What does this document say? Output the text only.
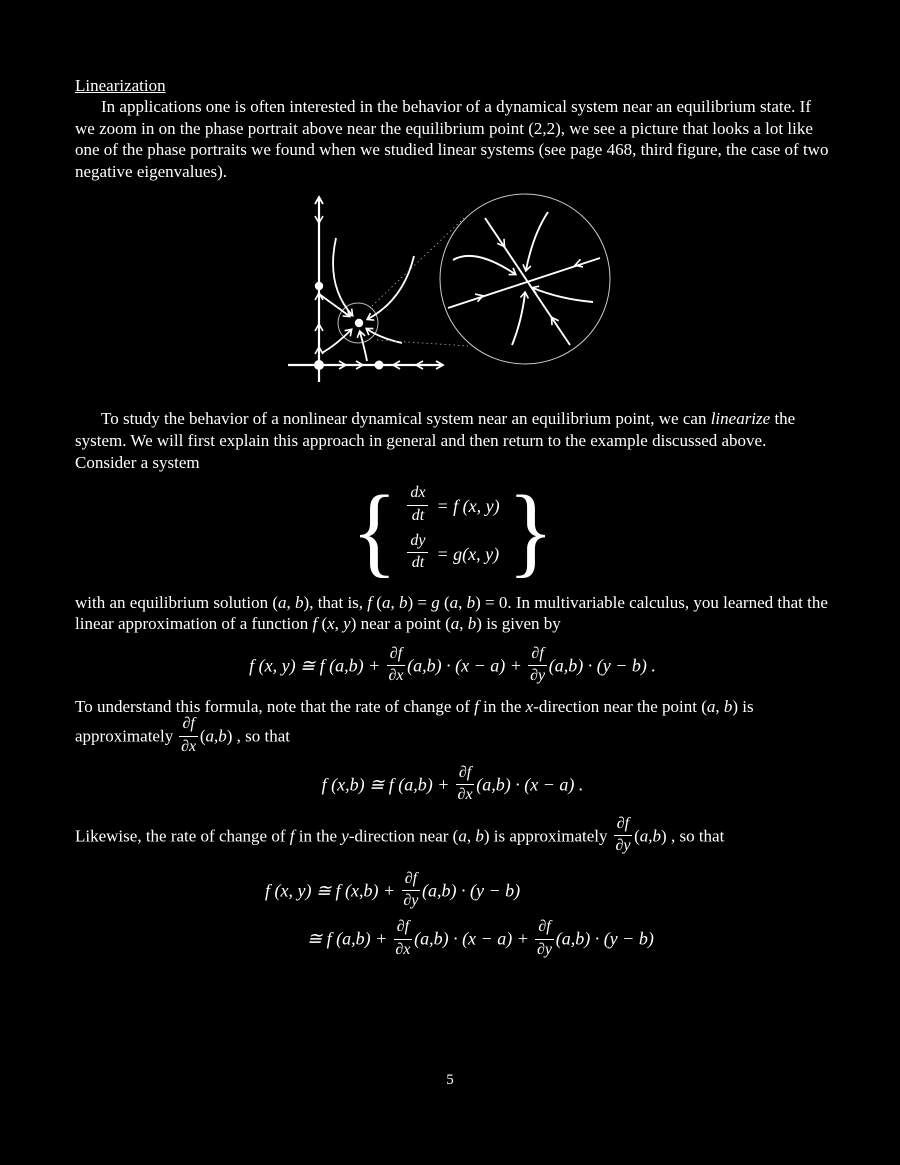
Linearization

In applications one is often interested in the behavior of a dynamical system near an equilibrium state. If we zoom in on the phase portrait above near the equilibrium point (2,2), we see a picture that looks a lot like one of the phase portraits we found when we studied linear systems (see page 468, third figure, the case of two negative eigenvalues).

To study the behavior of a nonlinear dynamical system near an equilibrium point, we can linearize the system. We will first explain this approach in general and then return to the example discussed above. Consider a system

{ $\frac{dx}{dt} = f$ (x, y)
$\frac{dy}{dt} = g(x$, y) }

with an equilibrium solution (a, b), that is, f (a, b) = g (a, b) = 0. In multivariable calculus, you learned that the linear approximation of a function f (x, y) near a point (a, b) is given by

f (x, y) ≅ f $(a,b) + \frac{\partial f}{\partial x} (a,b) \cdot (x - a) + \frac{\partial f}{\partial y} (a,b) \cdot (y - b)$ .

To understand this formula, note that the rate of change of f in the x-direction near the point (a, b) is approximately $\frac{\partial f}{\partial x} (a,b)$ , so that

f (x,b) ≅ f $(a,b) + \frac{\partial f}{\partial x} (a,b) \cdot (x - a)$ .

Likewise, the rate of change of f in the y-direction near (a, b) is approximately $\frac{\partial f}{\partial y} (a,b)$ , so that

f (x, y) ≅ f $(x,b) + \frac{\partial f}{\partial y} (a,b) \cdot (y - b)$
≅ f $(a,b) + \frac{\partial f}{\partial x} (a,b) \cdot (x - a) + \frac{\partial f}{\partial y} (a,b) \cdot (y - b)$
5
